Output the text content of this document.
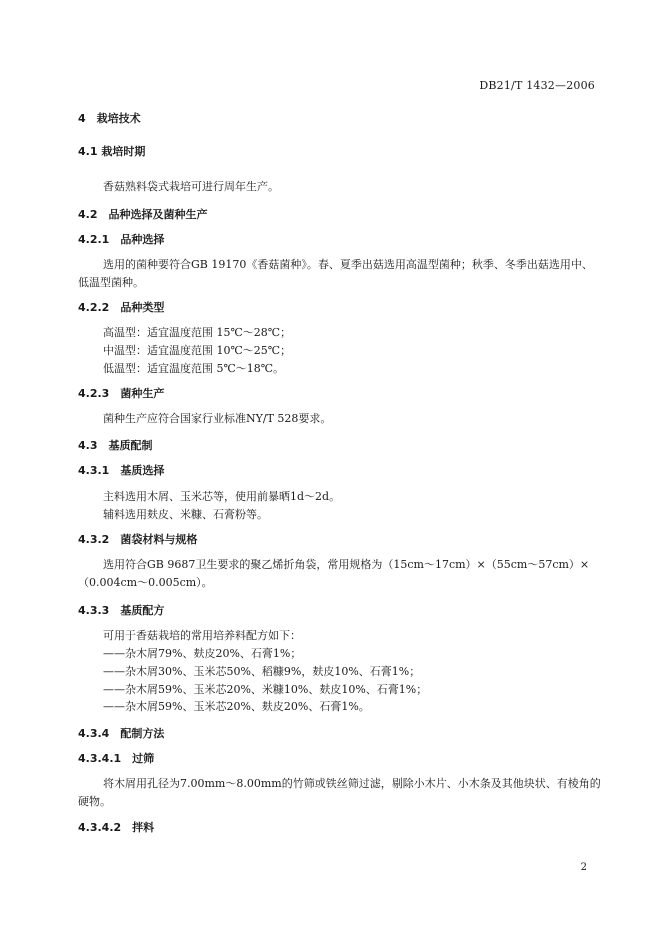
DB21/T 1432—2006
4　栽培技术
4.1 栽培时期
香菇熟料袋式栽培可进行周年生产。
4.2　品种选择及菌种生产
4.2.1　品种选择
选用的菌种要符合GB 19170《香菇菌种》。春、夏季出菇选用高温型菌种；秋季、冬季出菇选用中、
低温型菌种。
4.2.2　品种类型
高温型：适宜温度范围 15℃～28℃；
中温型：适宜温度范围 10℃～25℃；
低温型：适宜温度范围 5℃～18℃。
4.2.3　菌种生产
菌种生产应符合国家行业标准NY/T 528要求。
4.3　基质配制
4.3.1　基质选择
主料选用木屑、玉米芯等，使用前暴晒1d～2d。
辅料选用麸皮、米糠、石膏粉等。
4.3.2　菌袋材料与规格
选用符合GB 9687卫生要求的聚乙烯折角袋，常用规格为（15cm～17cm）×（55cm～57cm）×
（0.004cm～0.005cm）。
4.3.3　基质配方
可用于香菇栽培的常用培养料配方如下：
——杂木屑79%、麸皮20%、石膏1%；
——杂木屑30%、玉米芯50%、稻糠9%，麸皮10%、石膏1%；
——杂木屑59%、玉米芯20%、米糠10%、麸皮10%、石膏1%；
——杂木屑59%、玉米芯20%、麸皮20%、石膏1%。
4.3.4　配制方法
4.3.4.1　过筛
将木屑用孔径为7.00mm～8.00mm的竹筛或铁丝筛过滤，剔除小木片、小木条及其他块状、有棱角的
硬物。
4.3.4.2　拌料
2
